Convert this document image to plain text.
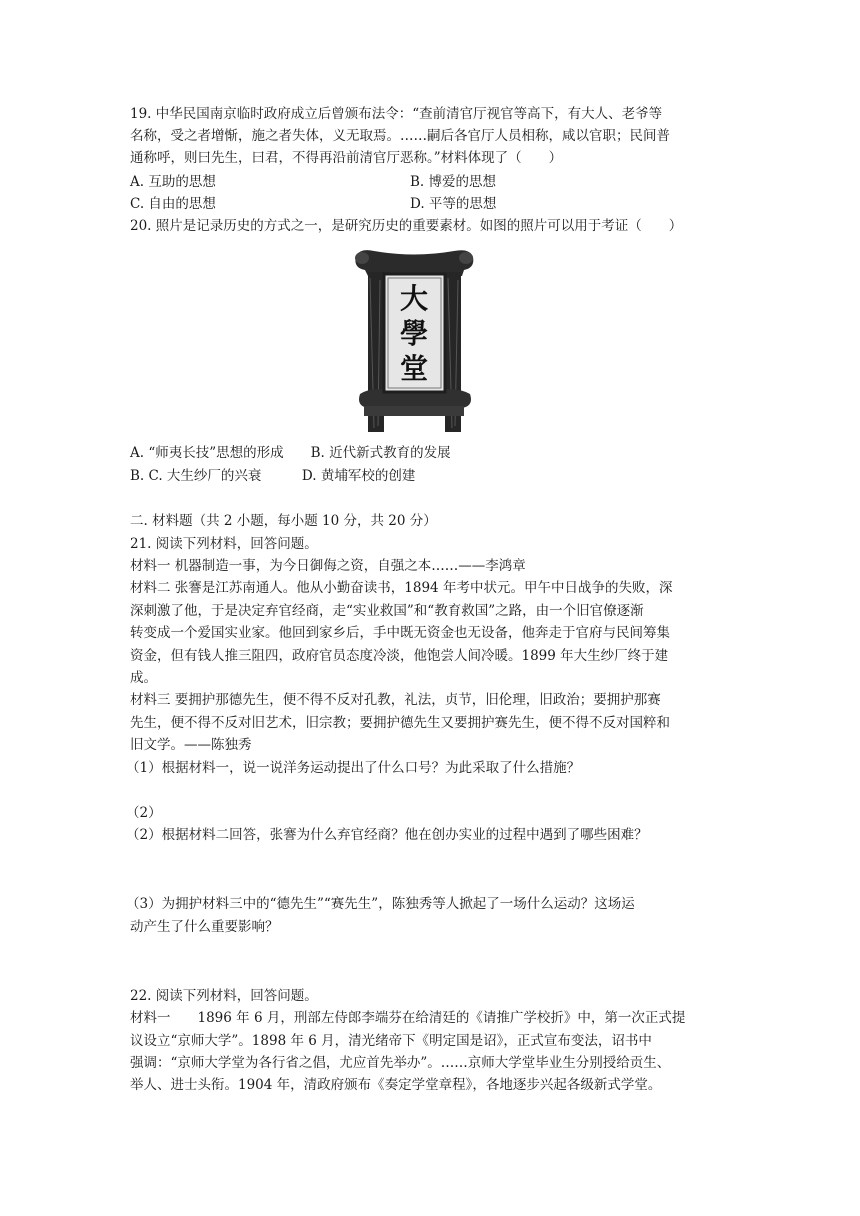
19. 中华民国南京临时政府成立后曾颁布法令：“查前清官厅视官等高下，有大人、老爷等
名称，受之者增惭，施之者失体，义无取焉。……嗣后各官厅人员相称，咸以官职；民间普
通称呼，则曰先生，曰君，不得再沿前清官厅恶称。”材料体现了（　　）
A. 互助的思想	B. 博爱的思想
C. 自由的思想	D. 平等的思想
20. 照片是记录历史的方式之一，是研究历史的重要素材。如图的照片可以用于考证（　　）
大
學
堂
A. “师夷长技”思想的形成　　B. 近代新式教育的发展
B. C. 大生纱厂的兴衰　　　D. 黄埔军校的创建
二. 材料题（共 2 小题，每小题 10 分，共 20 分）
21. 阅读下列材料，回答问题。
材料一 机器制造一事，为今日御侮之资，自强之本……——李鸿章
材料二 张謇是江苏南通人。他从小勤奋读书，1894 年考中状元。甲午中日战争的失败，深
深刺激了他，于是决定弃官经商，走“实业救国”和“教育救国”之路，由一个旧官僚逐渐
转变成一个爱国实业家。他回到家乡后，手中既无资金也无设备，他奔走于官府与民间筹集
资金，但有钱人推三阻四，政府官员态度冷淡，他饱尝人间冷暖。1899 年大生纱厂终于建
成。
材料三 要拥护那德先生，便不得不反对孔教，礼法，贞节，旧伦理，旧政治；要拥护那赛
先生，便不得不反对旧艺术，旧宗教；要拥护德先生又要拥护赛先生，便不得不反对国粹和
旧文学。——陈独秀
（1）根据材料一，说一说洋务运动提出了什么口号？为此采取了什么措施？
（2）
（2）根据材料二回答，张謇为什么弃官经商？他在创办实业的过程中遇到了哪些困难？
（3）为拥护材料三中的“德先生”“赛先生”，陈独秀等人掀起了一场什么运动？这场运
动产生了什么重要影响？
22. 阅读下列材料，回答问题。
材料一　　1896 年 6 月，刑部左侍郎李端芬在给清廷的《请推广学校折》中，第一次正式提
议设立“京师大学”。1898 年 6 月，清光绪帝下《明定国是诏》，正式宣布变法，诏书中
强调：“京师大学堂为各行省之倡，尤应首先举办”。……京师大学堂毕业生分别授给贡生、
举人、进士头衔。1904 年，清政府颁布《奏定学堂章程》，各地逐步兴起各级新式学堂。
